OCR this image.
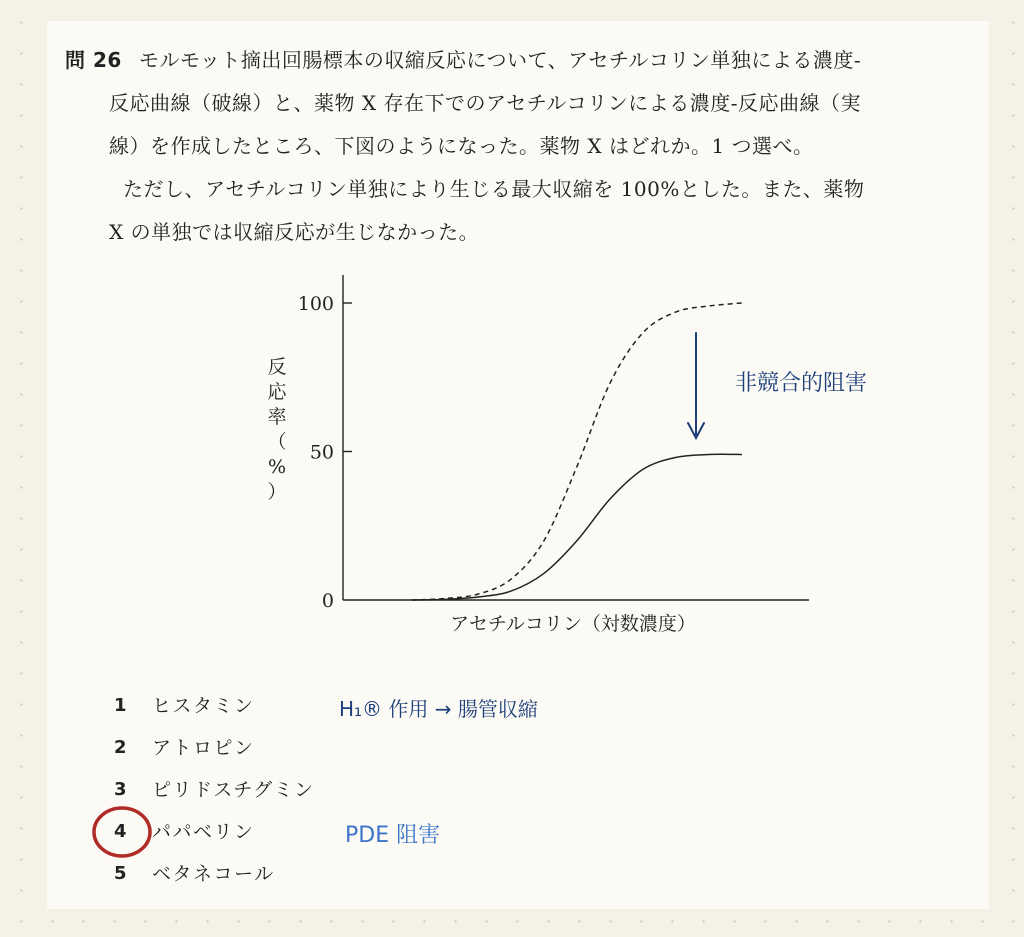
問 26 モルモット摘出回腸標本の収縮反応について、アセチルコリン単独による濃度-
反応曲線（破線）と、薬物 X 存在下でのアセチルコリンによる濃度-反応曲線（実
線）を作成したところ、下図のようになった。薬物 X はどれか。1 つ選べ。
ただし、アセチルコリン単独により生じる最大収縮を 100%とした。また、薬物
X の単独では収縮反応が生じなかった。
0
50
100
アセチルコリン（対数濃度）
反応率（%）
非競合的阻害
1 ヒスタミン
2 アトロピン
3 ピリドスチグミン
4 パパベリン
5 ベタネコール
H₁® 作用 → 腸管収縮
PDE 阻害
